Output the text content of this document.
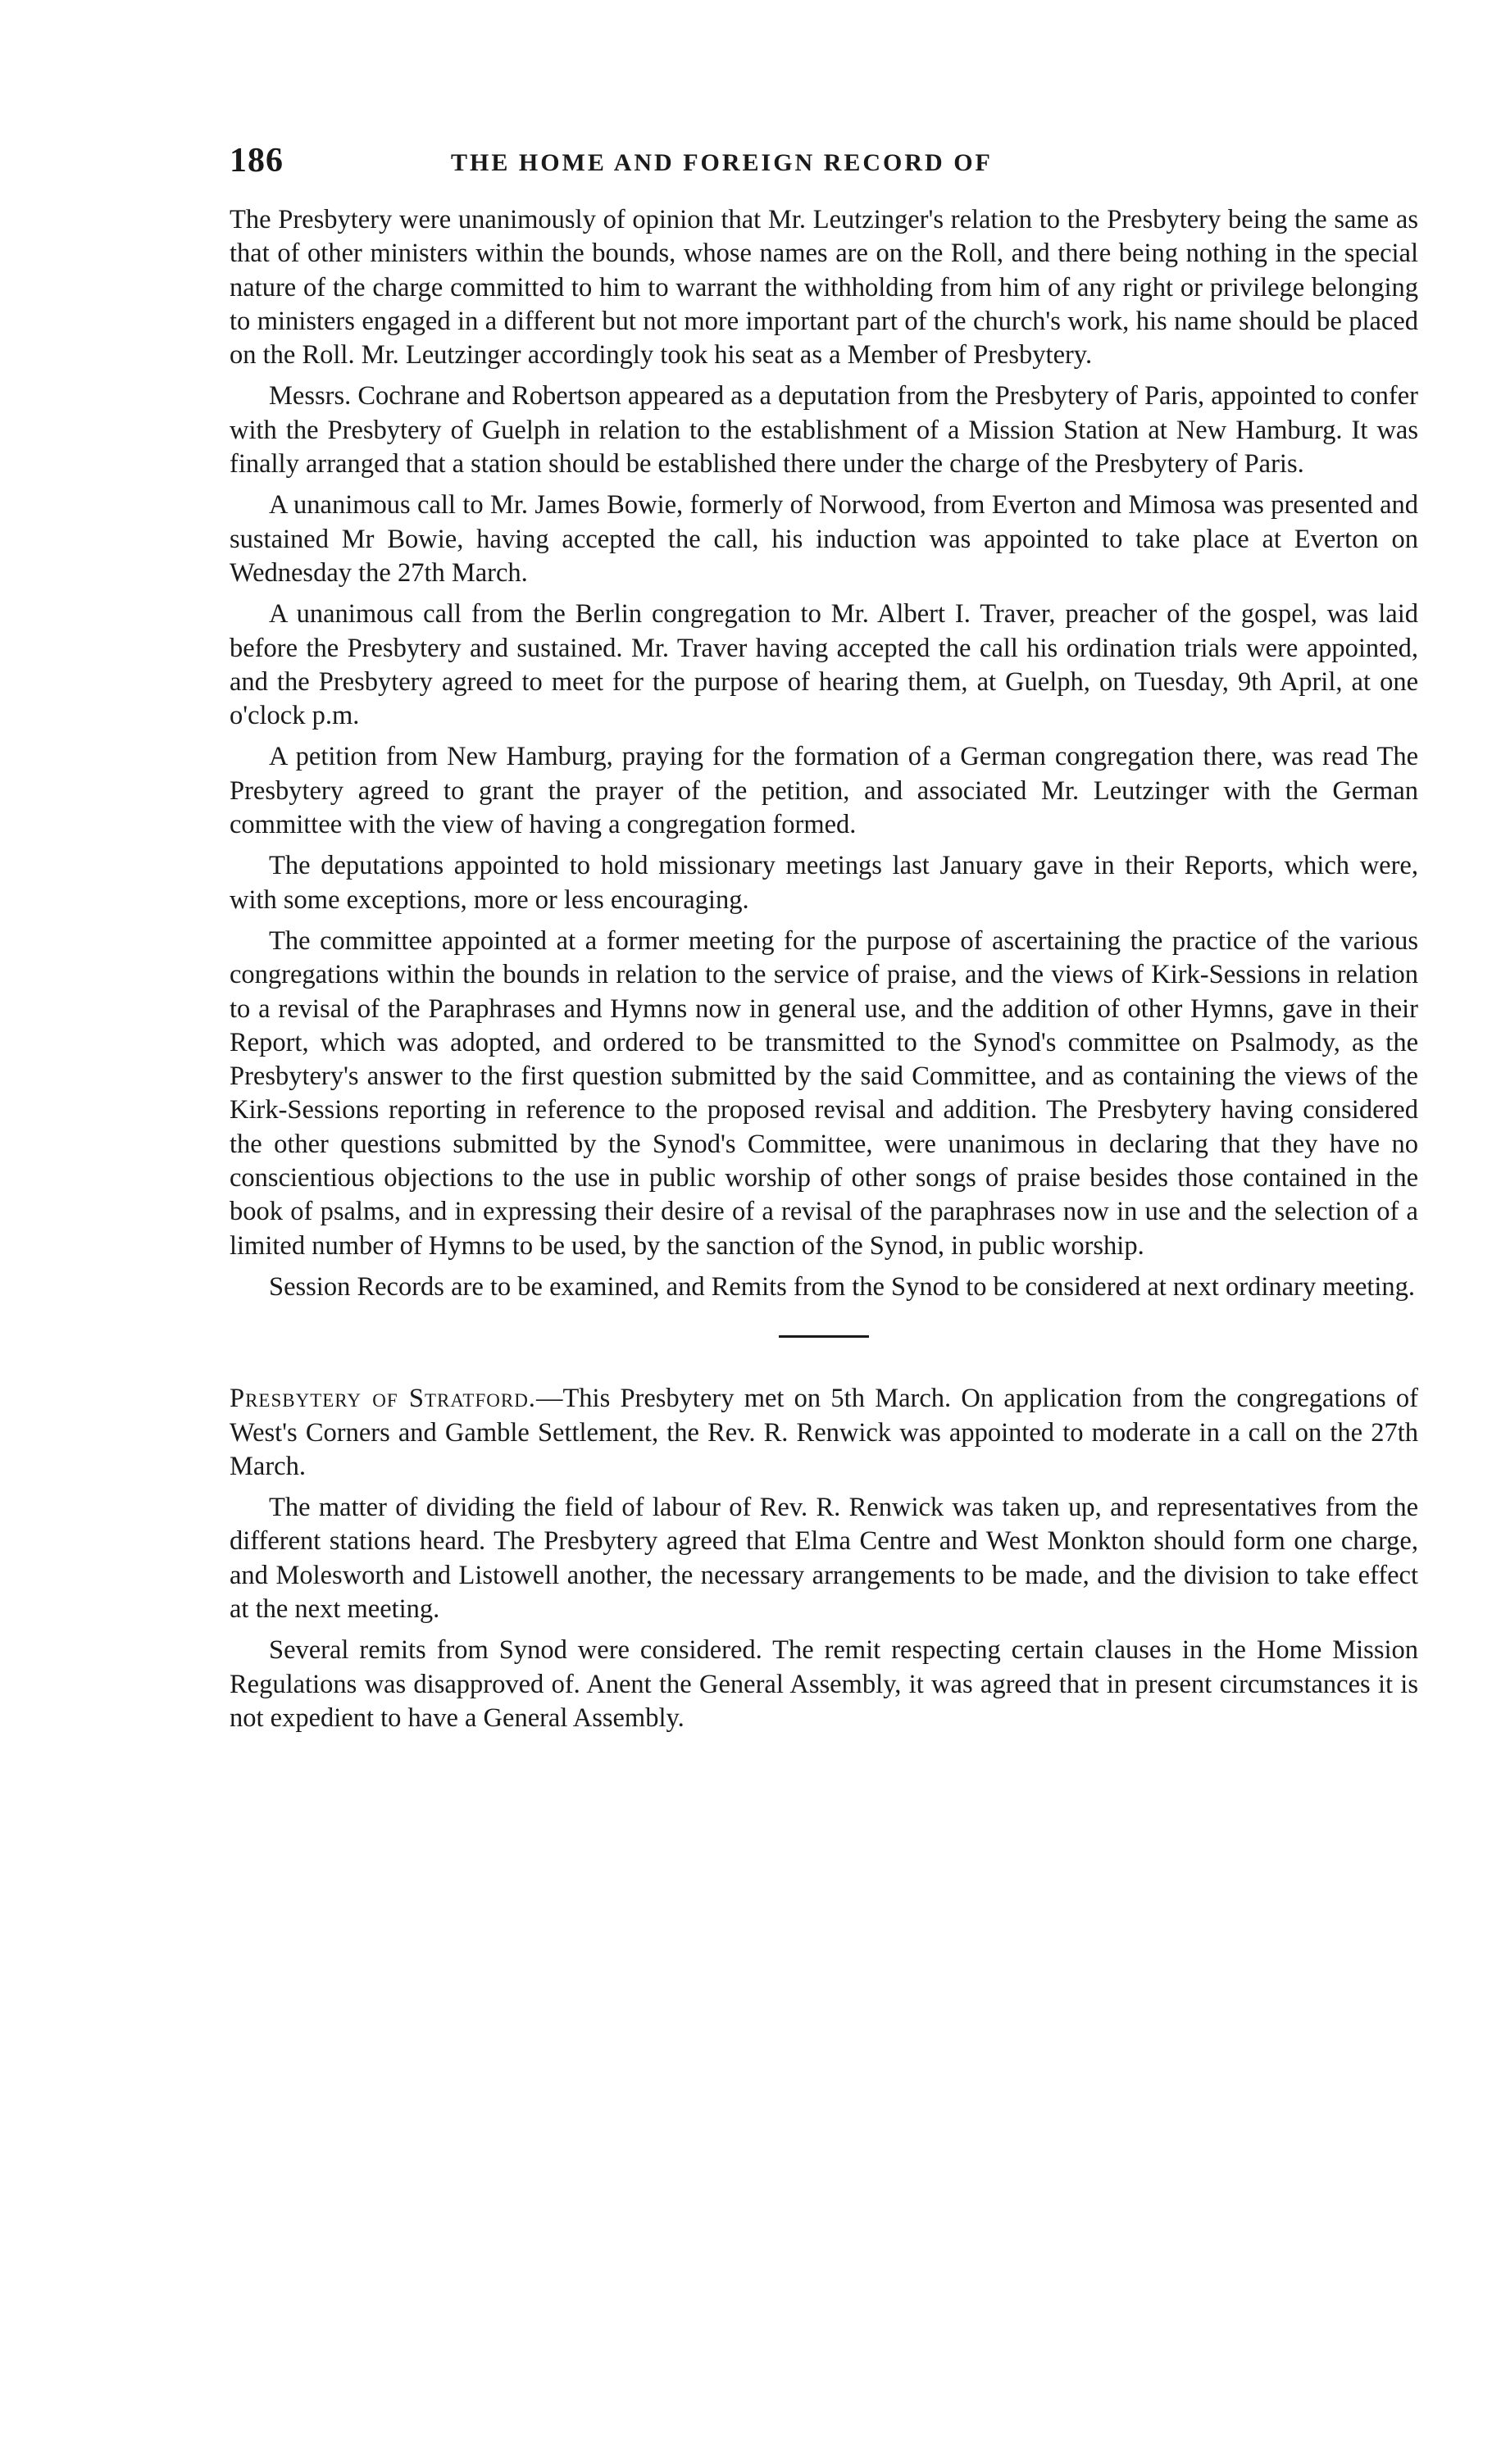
186	THE HOME AND FOREIGN RECORD OF

The Presbytery were unanimously of opinion that Mr. Leutzinger's relation to the Presbytery being the same as that of other ministers within the bounds, whose names are on the Roll, and there being nothing in the special nature of the charge committed to him to warrant the withholding from him of any right or privilege belonging to ministers engaged in a different but not more important part of the church's work, his name should be placed on the Roll. Mr. Leutzinger accordingly took his seat as a Member of Presbytery.

Messrs. Cochrane and Robertson appeared as a deputation from the Presbytery of Paris, appointed to confer with the Presbytery of Guelph in relation to the establishment of a Mission Station at New Hamburg. It was finally arranged that a station should be established there under the charge of the Presbytery of Paris.

A unanimous call to Mr. James Bowie, formerly of Norwood, from Everton and Mimosa was presented and sustained Mr Bowie, having accepted the call, his induction was appointed to take place at Everton on Wednesday the 27th March.

A unanimous call from the Berlin congregation to Mr. Albert I. Traver, preacher of the gospel, was laid before the Presbytery and sustained. Mr. Traver having accepted the call his ordination trials were appointed, and the Presbytery agreed to meet for the purpose of hearing them, at Guelph, on Tuesday, 9th April, at one o'clock p.m.

A petition from New Hamburg, praying for the formation of a German congregation there, was read The Presbytery agreed to grant the prayer of the petition, and associated Mr. Leutzinger with the German committee with the view of having a congregation formed.

The deputations appointed to hold missionary meetings last January gave in their Reports, which were, with some exceptions, more or less encouraging.

The committee appointed at a former meeting for the purpose of ascertaining the practice of the various congregations within the bounds in relation to the service of praise, and the views of Kirk-Sessions in relation to a revisal of the Paraphrases and Hymns now in general use, and the addition of other Hymns, gave in their Report, which was adopted, and ordered to be transmitted to the Synod's committee on Psalmody, as the Presbytery's answer to the first question submitted by the said Committee, and as containing the views of the Kirk-Sessions reporting in reference to the proposed revisal and addition. The Presbytery having considered the other questions submitted by the Synod's Committee, were unanimous in declaring that they have no conscientious objections to the use in public worship of other songs of praise besides those contained in the book of psalms, and in expressing their desire of a revisal of the paraphrases now in use and the selection of a limited number of Hymns to be used, by the sanction of the Synod, in public worship.

Session Records are to be examined, and Remits from the Synod to be considered at next ordinary meeting.

Presbytery of Stratford.—This Presbytery met on 5th March. On application from the congregations of West's Corners and Gamble Settlement, the Rev. R. Renwick was appointed to moderate in a call on the 27th March.

The matter of dividing the field of labour of Rev. R. Renwick was taken up, and representatives from the different stations heard. The Presbytery agreed that Elma Centre and West Monkton should form one charge, and Molesworth and Listowell another, the necessary arrangements to be made, and the division to take effect at the next meeting.

Several remits from Synod were considered. The remit respecting certain clauses in the Home Mission Regulations was disapproved of. Anent the General Assembly, it was agreed that in present circumstances it is not expedient to have a General Assembly.
